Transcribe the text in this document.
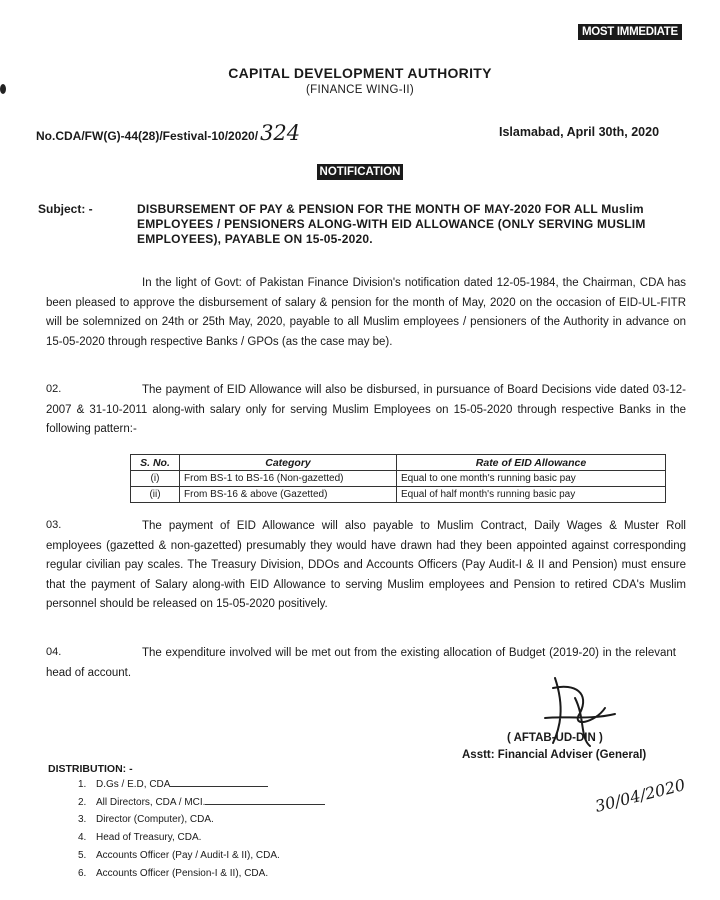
MOST IMMEDIATE
CAPITAL DEVELOPMENT AUTHORITY
(FINANCE WING-II)
No.CDA/FW(G)-44(28)/Festival-10/2020/324	Islamabad, April 30th, 2020
NOTIFICATION
Subject: -	DISBURSEMENT OF PAY & PENSION FOR THE MONTH OF MAY-2020 FOR ALL Muslim EMPLOYEES / PENSIONERS ALONG-WITH EID ALLOWANCE (ONLY SERVING MUSLIM EMPLOYEES), PAYABLE ON 15-05-2020.
In the light of Govt: of Pakistan Finance Division's notification dated 12-05-1984, the Chairman, CDA has been pleased to approve the disbursement of salary & pension for the month of May, 2020 on the occasion of EID-UL-FITR will be solemnized on 24th or 25th May, 2020, payable to all Muslim employees / pensioners of the Authority in advance on 15-05-2020 through respective Banks / GPOs (as the case may be).
02.	The payment of EID Allowance will also be disbursed, in pursuance of Board Decisions vide dated 03-12-2007 & 31-10-2011 along-with salary only for serving Muslim Employees on 15-05-2020 through respective Banks in the following pattern:-
S. No.	Category	Rate of EID Allowance
(i)	From BS-1 to BS-16 (Non-gazetted)	Equal to one month's running basic pay
(ii)	From BS-16 & above (Gazetted)	Equal of half month's running basic pay
03.	The payment of EID Allowance will also payable to Muslim Contract, Daily Wages & Muster Roll employees (gazetted & non-gazetted) presumably they would have drawn had they been appointed against corresponding regular civilian pay scales. The Treasury Division, DDOs and Accounts Officers (Pay Audit-I & II and Pension) must ensure that the payment of Salary along-with EID Allowance to serving Muslim employees and Pension to retired CDA's Muslim personnel should be released on 15-05-2020 positively.
04.	The expenditure involved will be met out from the existing allocation of Budget (2019-20) in the relevant head of account.
( AFTAB-UD-DIN )
Asstt: Financial Adviser (General)
30/04/2020
DISTRIBUTION: -
1. D.Gs / E.D, CDA
2. All Directors, CDA / MCI.
3. Director (Computer), CDA.
4. Head of Treasury, CDA.
5. Accounts Officer (Pay / Audit-I & II), CDA.
6. Accounts Officer (Pension-I & II), CDA.
